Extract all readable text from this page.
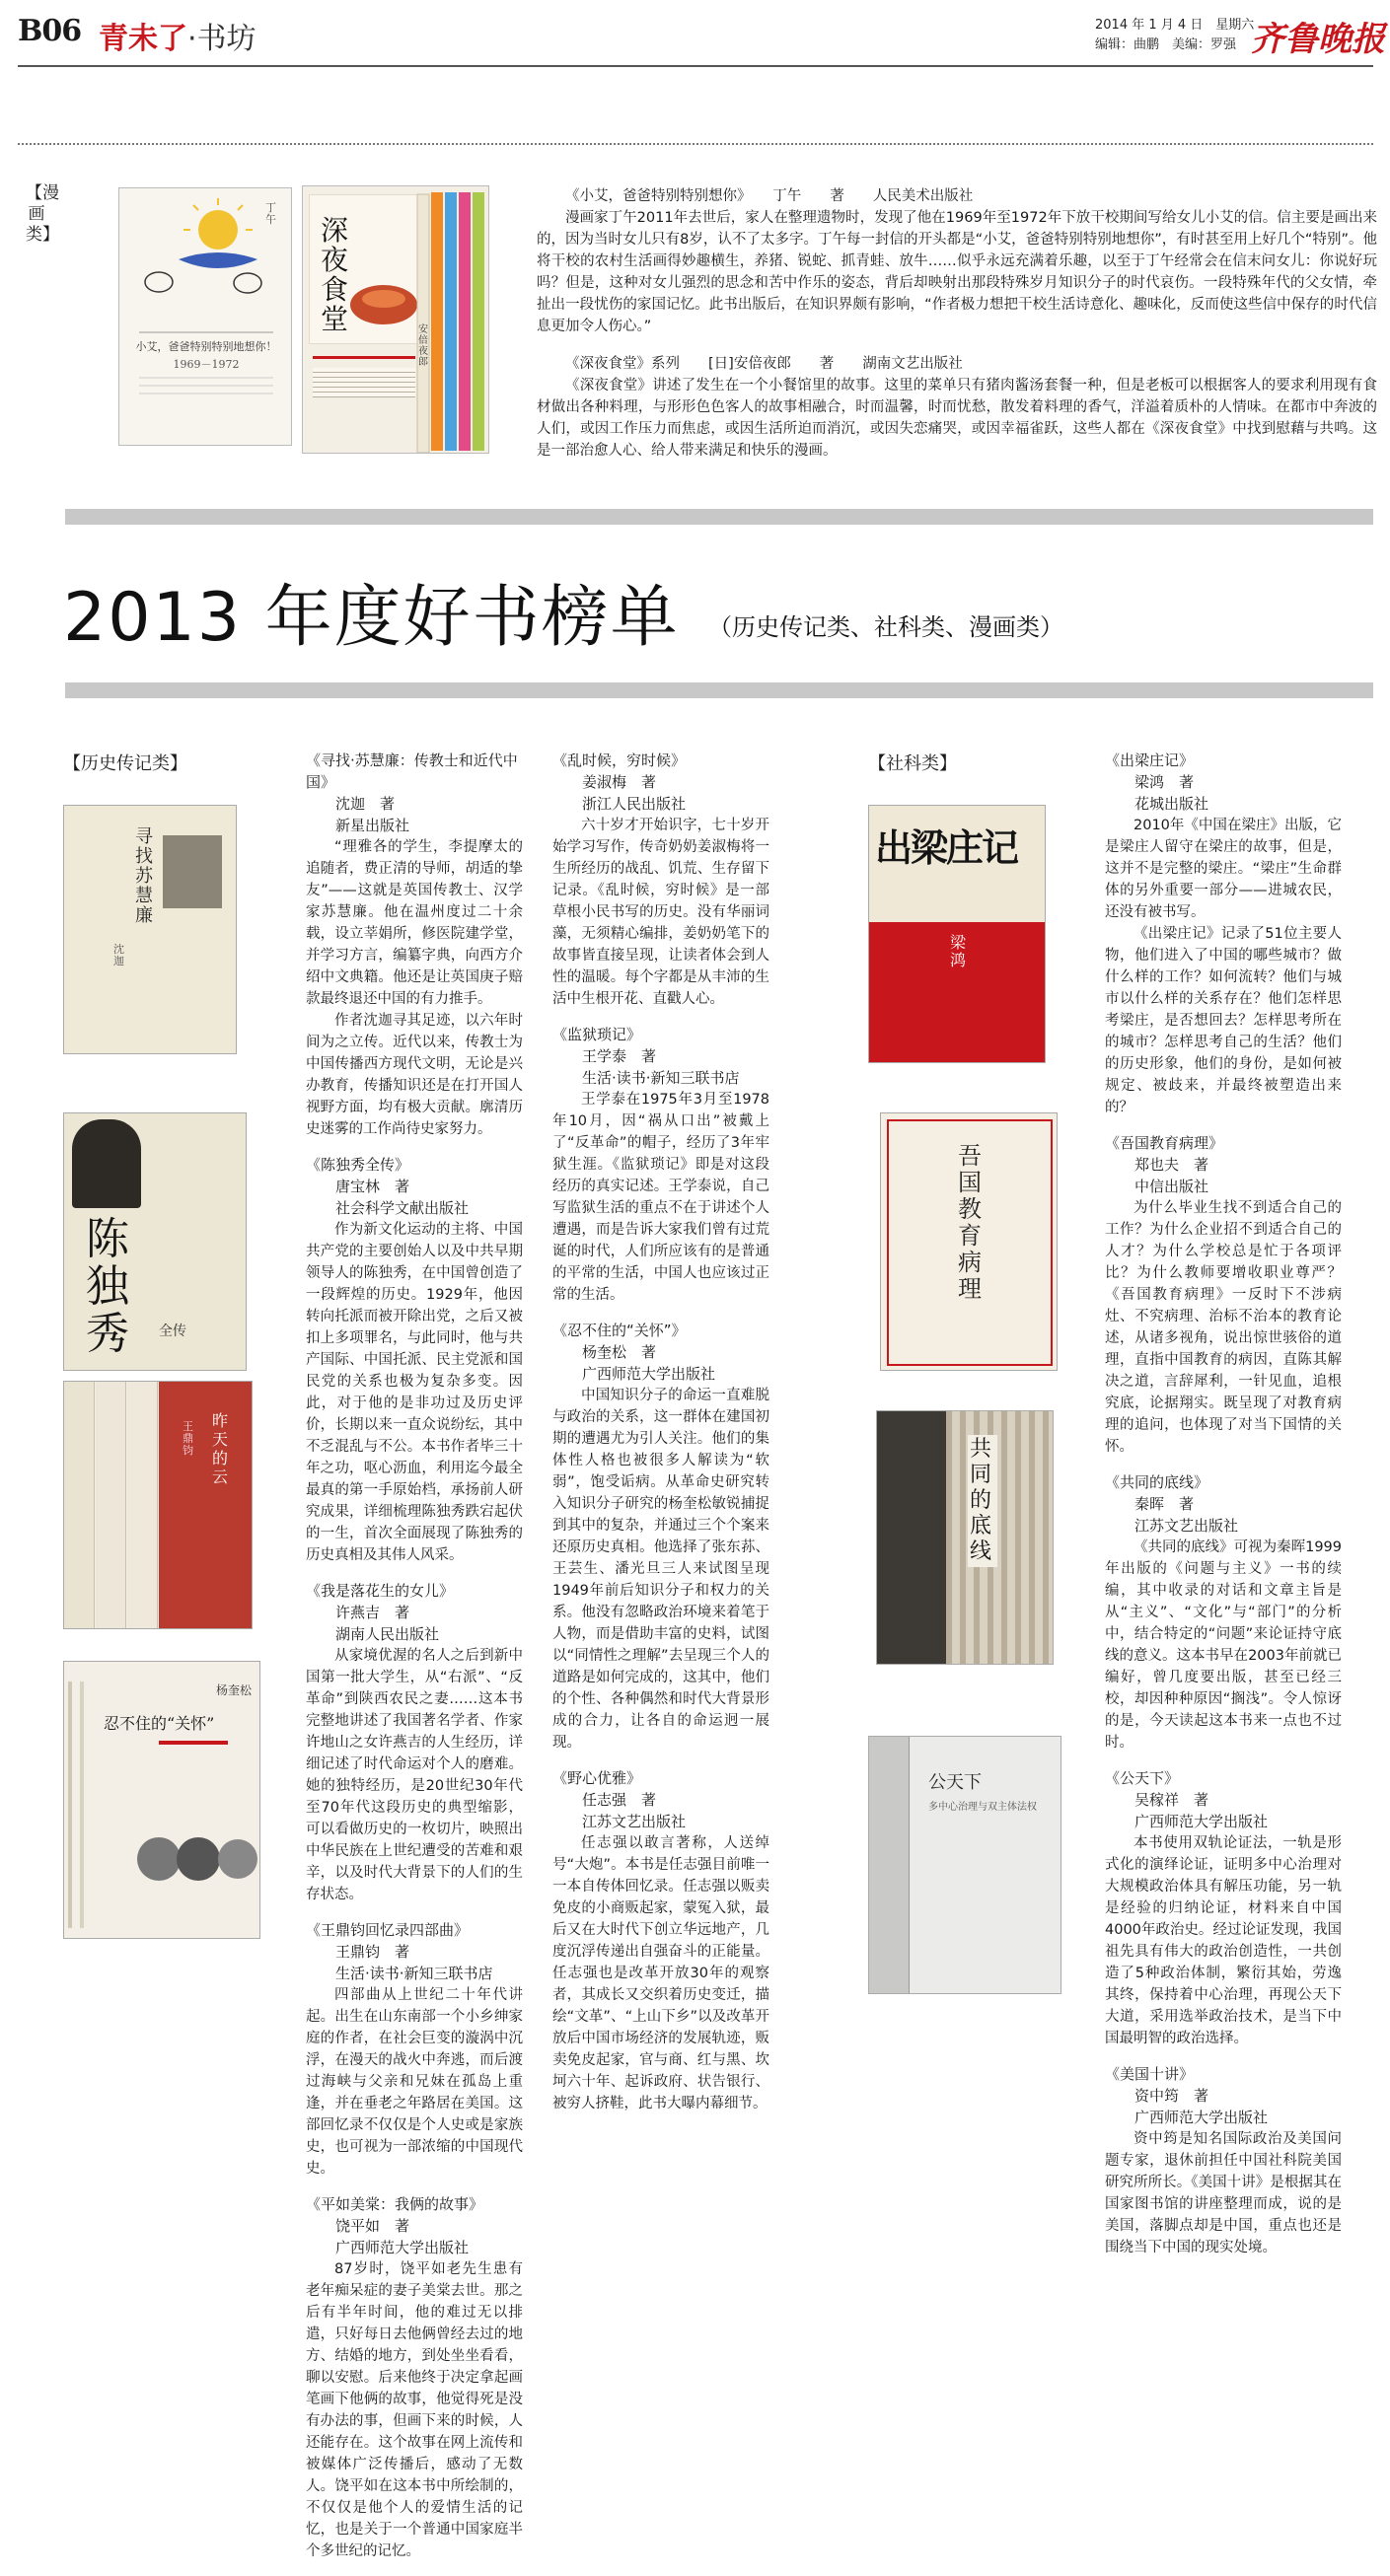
B06 青未了·书坊	2014 年 1 月 4 日　星期六
编辑：曲鹏　美编：罗强 齐鲁晚报
【漫画类】
丁午
小艾，爸爸特别特别地想你！
1969－1972
深夜食堂	安倍夜郎

《小艾，爸爸特别特别想你》　　丁午　　著　　人民美术出版社

漫画家丁午2011年去世后，家人在整理遗物时，发现了他在1969年至1972年下放干校期间写给女儿小艾的信。信主要是画出来的，因为当时女儿只有8岁，认不了太多字。丁午每一封信的开头都是“小艾，爸爸特别特别地想你”，有时甚至用上好几个“特别”。他将干校的农村生活画得妙趣横生，养猪、锐蛇、抓青蛙、放牛……似乎永远充满着乐趣，以至于丁午经常会在信末问女儿：你说好玩吗？但是，这种对女儿强烈的思念和苦中作乐的姿态，背后却映射出那段特殊岁月知识分子的时代哀伤。一段特殊年代的父女情，牵扯出一段忧伤的家国记忆。此书出版后，在知识界颇有影响，“作者极力想把干校生活诗意化、趣味化，反而使这些信中保存的时代信息更加令人伤心。”

《深夜食堂》系列　　[日]安倍夜郎　　著　　湖南文艺出版社

《深夜食堂》讲述了发生在一个小餐馆里的故事。这里的菜单只有猪肉酱汤套餐一种，但是老板可以根据客人的要求利用现有食材做出各种料理，与形形色色客人的故事相融合，时而温馨，时而忧愁，散发着料理的香气，洋溢着质朴的人情味。在都市中奔波的人们，或因工作压力而焦虑，或因生活所迫而消沉，或因失恋痛哭，或因幸福雀跃，这些人都在《深夜食堂》中找到慰藉与共鸣。这是一部治愈人心、给人带来满足和快乐的漫画。

2013 年度好书榜单 （历史传记类、社科类、漫画类）
【历史传记类】
寻找苏慧廉
沈迦
陈独秀	全传
昨天的云
王鼎钧
杨奎松
忍不住的“关怀”

《寻找·苏慧廉：传教士和近代中国》

沈迦　著

新星出版社

“理雅各的学生，李提摩太的追随者，费正清的导师，胡适的挚友”——这就是英国传教士、汉学家苏慧廉。他在温州度过二十余载，设立莘娟所，修医院建学堂，并学习方言，编纂字典，向西方介绍中文典籍。他还是让英国庚子赔款最终退还中国的有力推手。

作者沈迦寻其足迹，以六年时间为之立传。近代以来，传教士为中国传播西方现代文明，无论是兴办教育，传播知识还是在打开国人视野方面，均有极大贡献。廓清历史迷雾的工作尚待史家努力。

《陈独秀全传》

唐宝林　著

社会科学文献出版社

作为新文化运动的主将、中国共产党的主要创始人以及中共早期领导人的陈独秀，在中国曾创造了一段辉煌的历史。1929年，他因转向托派而被开除出党，之后又被扣上多项罪名，与此同时，他与共产国际、中国托派、民主党派和国民党的关系也极为复杂多变。因此，对于他的是非功过及历史评价，长期以来一直众说纷纭，其中不乏混乱与不公。本书作者毕三十年之功，呕心沥血，利用迄今最全最真的第一手原始档，承扬前人研究成果，详细梳理陈独秀跌宕起伏的一生，首次全面展现了陈独秀的历史真相及其伟人风采。

《我是落花生的女儿》

许燕吉　著

湖南人民出版社

从家境优渥的名人之后到新中国第一批大学生，从“右派”、“反革命”到陕西农民之妻……这本书完整地讲述了我国著名学者、作家许地山之女许燕吉的人生经历，详细记述了时代命运对个人的磨难。她的独特经历，是20世纪30年代至70年代这段历史的典型缩影，可以看做历史的一枚切片，映照出中华民族在上世纪遭受的苦难和艰辛，以及时代大背景下的人们的生存状态。

《王鼎钧回忆录四部曲》

王鼎钧　著

生活·读书·新知三联书店

四部曲从上世纪二十年代讲起。出生在山东南部一个小乡绅家庭的作者，在社会巨变的漩涡中沉浮，在漫天的战火中奔逃，而后渡过海峡与父亲和兄妹在孤岛上重逢，并在垂老之年路居在美国。这部回忆录不仅仅是个人史或是家族史，也可视为一部浓缩的中国现代史。

《平如美棠：我俩的故事》

饶平如　著

广西师范大学出版社

87岁时，饶平如老先生患有老年痴呆症的妻子美棠去世。那之后有半年时间，他的难过无以排遣，只好每日去他俩曾经去过的地方、结婚的地方，到处坐坐看看，聊以安慰。后来他终于决定拿起画笔画下他俩的故事，他觉得死是没有办法的事，但画下来的时候，人还能存在。这个故事在网上流传和被媒体广泛传播后，感动了无数人。饶平如在这本书中所绘制的，不仅仅是他个人的爱情生活的记忆，也是关于一个普通中国家庭半个多世纪的记忆。

《乱时候，穷时候》

姜淑梅　著

浙江人民出版社

六十岁才开始识字，七十岁开始学习写作，传奇奶奶姜淑梅将一生所经历的战乱、饥荒、生存留下记录。《乱时候，穷时候》是一部草根小民书写的历史。没有华丽词藻，无须精心编排，姜奶奶笔下的故事皆直接呈现，让读者体会到人性的温暖。每个字都是从丰沛的生活中生根开花、直戳人心。

《监狱琐记》

王学泰　著

生活·读书·新知三联书店

王学泰在1975年3月至1978年10月，因“祸从口出”被戴上了“反革命”的帽子，经历了3年牢狱生涯。《监狱琐记》即是对这段经历的真实记述。王学泰说，自己写监狱生活的重点不在于讲述个人遭遇，而是告诉大家我们曾有过荒诞的时代，人们所应该有的是普通的平常的生活，中国人也应该过正常的生活。

《忍不住的“关怀”》

杨奎松　著

广西师范大学出版社

中国知识分子的命运一直难脱与政治的关系，这一群体在建国初期的遭遇尤为引人关注。他们的集体性人格也被很多人解读为“软弱”，饱受诟病。从革命史研究转入知识分子研究的杨奎松敏锐捕捉到其中的复杂，并通过三个个案来还原历史真相。他选择了张东荪、王芸生、潘光旦三人来试图呈现1949年前后知识分子和权力的关系。他没有忽略政治环境来着笔于人物，而是借助丰富的史料，试图以“同情性之理解”去呈现三个人的道路是如何完成的，这其中，他们的个性、各种偶然和时代大背景形成的合力，让各自的命运迥一展现。

《野心优雅》

任志强　著

江苏文艺出版社

任志强以敢言著称，人送绰号“大炮”。本书是任志强目前唯一一本自传体回忆录。任志强以贩卖免皮的小商贩起家，蒙冤入狱，最后又在大时代下创立华远地产，几度沉浮传递出自强奋斗的正能量。任志强也是改革开放30年的观察者，其成长又交织着历史变迁，描绘“文革”、“上山下乡”以及改革开放后中国市场经济的发展轨迹，贩卖免皮起家，官与商、红与黑、坎坷六十年、起诉政府、状告银行、被穷人挤鞋，此书大曝内幕细节。

【社科类】
出梁庄记
梁鸿
吾国教育病理
共同的底线
公天下
多中心治理与双主体法权

《出梁庄记》

梁鸿　著

花城出版社

2010年《中国在梁庄》出版，它是梁庄人留守在梁庄的故事，但是，这并不是完整的梁庄。“梁庄”生命群体的另外重要一部分——进城农民，还没有被书写。

《出梁庄记》记录了51位主要人物，他们进入了中国的哪些城市？做什么样的工作？如何流转？他们与城市以什么样的关系存在？他们怎样思考梁庄，是否想回去？怎样思考所在的城市？怎样思考自己的生活？他们的历史形象，他们的身份，是如何被规定、被歧来，并最终被塑造出来的？

《吾国教育病理》

郑也夫　著

中信出版社

为什么毕业生找不到适合自己的工作？为什么企业招不到适合自己的人才？为什么学校总是忙于各项评比？为什么教师要增收职业尊严？《吾国教育病理》一反时下不涉病灶、不究病理、治标不治本的教育论述，从诸多视角，说出惊世骇俗的道理，直指中国教育的病因，直陈其解决之道，言辞犀利，一针见血，追根究底，论据翔实。既呈现了对教育病理的追问，也体现了对当下国情的关怀。

《共同的底线》

秦晖　著

江苏文艺出版社

《共同的底线》可视为秦晖1999年出版的《问题与主义》一书的续编，其中收录的对话和文章主旨是从“主义”、“文化”与“部门”的分析中，结合特定的“问题”来论证持守底线的意义。这本书早在2003年前就已编好，曾几度要出版，甚至已经三校，却因种种原因“搁浅”。令人惊讶的是，今天读起这本书来一点也不过时。

《公天下》

吴稼祥　著

广西师范大学出版社

本书使用双轨论证法，一轨是形式化的演绎论证，证明多中心治理对大规模政治体具有解压功能，另一轨是经验的归纳论证，材料来自中国4000年政治史。经过论证发现，我国祖先具有伟大的政治创造性，一共创造了5种政治体制，繁衍其始，劳逸其终，保持着中心治理，再现公天下大道，采用选举政治技术，是当下中国最明智的政治选择。

《美国十讲》

资中筠　著

广西师范大学出版社

资中筠是知名国际政治及美国问题专家，退休前担任中国社科院美国研究所所长。《美国十讲》是根据其在国家图书馆的讲座整理而成，说的是美国，落脚点却是中国，重点也还是围绕当下中国的现实处境。
